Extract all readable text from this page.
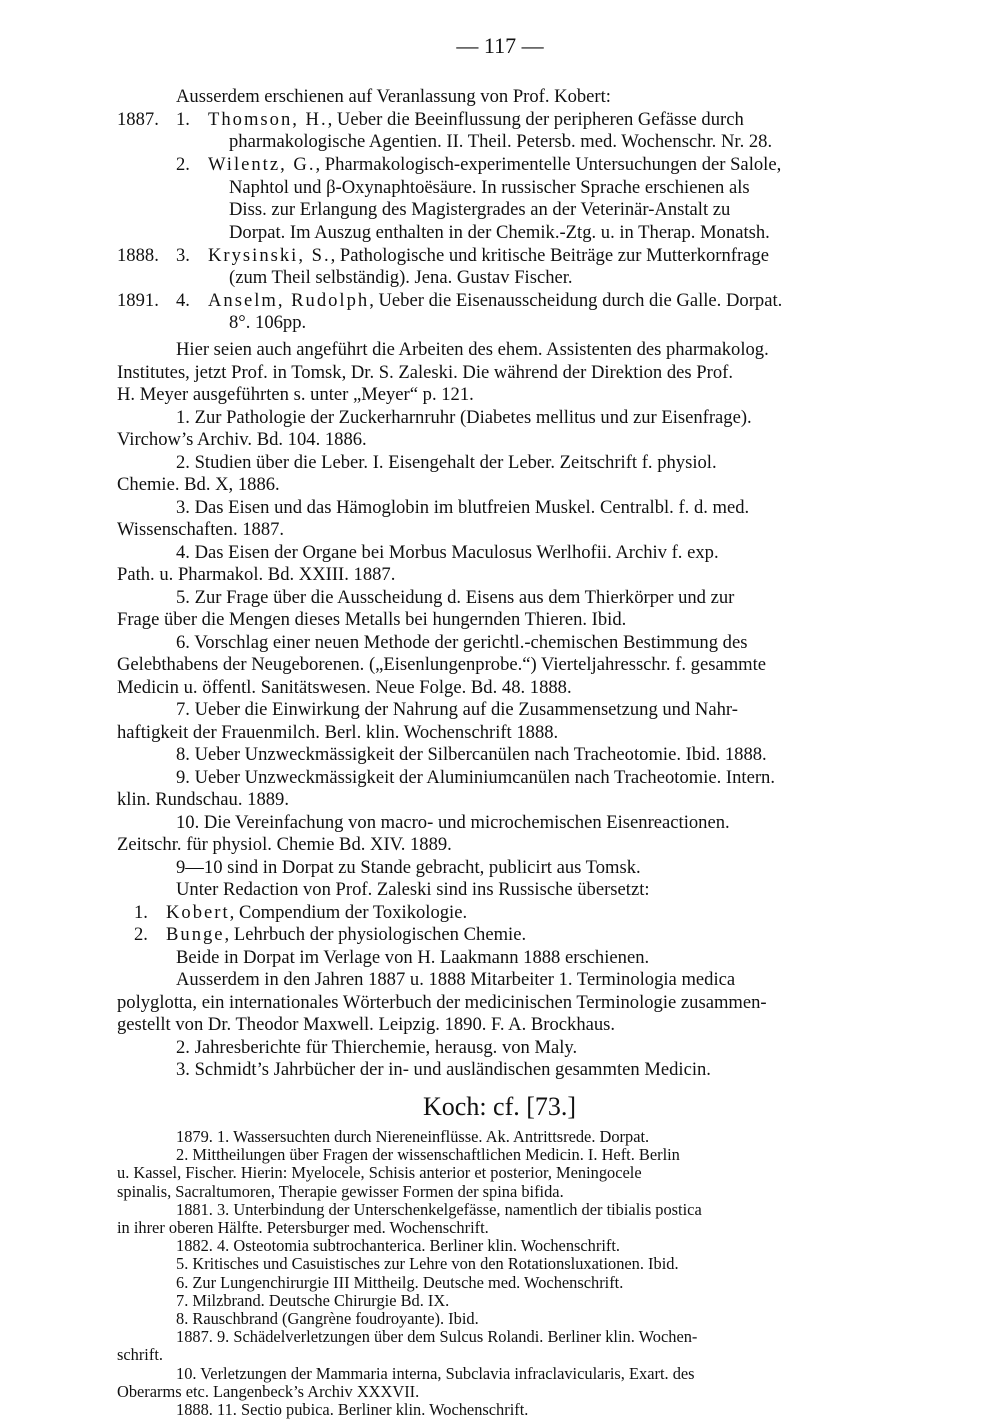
— 117 —
Ausserdem erschienen auf Veranlassung von Prof. Kobert:
1887. 1. Thomson, H., Ueber die Beeinflussung der peripheren Gefässe durch
pharmakologische Agentien. II. Theil. Petersb. med. Wochenschr. Nr. 28.
2. Wilentz, G., Pharmakologisch-experimentelle Untersuchungen der Salole,
Naphtol und β-Oxynaphtoësäure. In russischer Sprache erschienen als
Diss. zur Erlangung des Magistergrades an der Veterinär-Anstalt zu
Dorpat. Im Auszug enthalten in der Chemik.-Ztg. u. in Therap. Monatsh.
1888. 3. Krysinski, S., Pathologische und kritische Beiträge zur Mutterkornfrage
(zum Theil selbständig). Jena. Gustav Fischer.
1891. 4. Anselm, Rudolph, Ueber die Eisenausscheidung durch die Galle. Dorpat.
8°. 106pp.
Hier seien auch angeführt die Arbeiten des ehem. Assistenten des pharmakolog.
Institutes, jetzt Prof. in Tomsk, Dr. S. Zaleski. Die während der Direktion des Prof.
H. Meyer ausgeführten s. unter „Meyer“ p. 121.
1. Zur Pathologie der Zuckerharnruhr (Diabetes mellitus und zur Eisenfrage).
Virchow’s Archiv. Bd. 104. 1886.
2. Studien über die Leber. I. Eisengehalt der Leber. Zeitschrift f. physiol.
Chemie. Bd. X, 1886.
3. Das Eisen und das Hämoglobin im blutfreien Muskel. Centralbl. f. d. med.
Wissenschaften. 1887.
4. Das Eisen der Organe bei Morbus Maculosus Werlhofii. Archiv f. exp.
Path. u. Pharmakol. Bd. XXIII. 1887.
5. Zur Frage über die Ausscheidung d. Eisens aus dem Thierkörper und zur
Frage über die Mengen dieses Metalls bei hungernden Thieren. Ibid.
6. Vorschlag einer neuen Methode der gerichtl.-chemischen Bestimmung des
Gelebthabens der Neugeborenen. („Eisenlungenprobe.“) Vierteljahresschr. f. gesammte
Medicin u. öffentl. Sanitätswesen. Neue Folge. Bd. 48. 1888.
7. Ueber die Einwirkung der Nahrung auf die Zusammensetzung und Nahr-
haftigkeit der Frauenmilch. Berl. klin. Wochenschrift 1888.
8. Ueber Unzweckmässigkeit der Silbercanülen nach Tracheotomie. Ibid. 1888.
9. Ueber Unzweckmässigkeit der Aluminiumcanülen nach Tracheotomie. Intern.
klin. Rundschau. 1889.
10. Die Vereinfachung von macro- und microchemischen Eisenreactionen.
Zeitschr. für physiol. Chemie Bd. XIV. 1889.
9—10 sind in Dorpat zu Stande gebracht, publicirt aus Tomsk.
Unter Redaction von Prof. Zaleski sind ins Russische übersetzt:
1. Kobert, Compendium der Toxikologie.
2. Bunge, Lehrbuch der physiologischen Chemie.
Beide in Dorpat im Verlage von H. Laakmann 1888 erschienen.
Ausserdem in den Jahren 1887 u. 1888 Mitarbeiter 1. Terminologia medica
polyglotta, ein internationales Wörterbuch der medicinischen Terminologie zusammen-
gestellt von Dr. Theodor Maxwell. Leipzig. 1890. F. A. Brockhaus.
2. Jahresberichte für Thierchemie, herausg. von Maly.
3. Schmidt’s Jahrbücher der in- und ausländischen gesammten Medicin.
Koch: cf. [73.]
1879. 1. Wassersuchten durch Niereneinflüsse. Ak. Antrittsrede. Dorpat.
2. Mittheilungen über Fragen der wissenschaftlichen Medicin. I. Heft. Berlin
u. Kassel, Fischer. Hierin: Myelocele, Schisis anterior et posterior, Meningocele
spinalis, Sacraltumoren, Therapie gewisser Formen der spina bifida.
1881. 3. Unterbindung der Unterschenkelgefässe, namentlich der tibialis postica
in ihrer oberen Hälfte. Petersburger med. Wochenschrift.
1882. 4. Osteotomia subtrochanterica. Berliner klin. Wochenschrift.
5. Kritisches und Casuistisches zur Lehre von den Rotationsluxationen. Ibid.
6. Zur Lungenchirurgie III Mittheilg. Deutsche med. Wochenschrift.
7. Milzbrand. Deutsche Chirurgie Bd. IX.
8. Rauschbrand (Gangrène foudroyante). Ibid.
1887. 9. Schädelverletzungen über dem Sulcus Rolandi. Berliner klin. Wochen-
schrift.
10. Verletzungen der Mammaria interna, Subclavia infraclavicularis, Exart. des
Oberarms etc. Langenbeck’s Archiv XXXVII.
1888. 11. Sectio pubica. Berliner klin. Wochenschrift.
